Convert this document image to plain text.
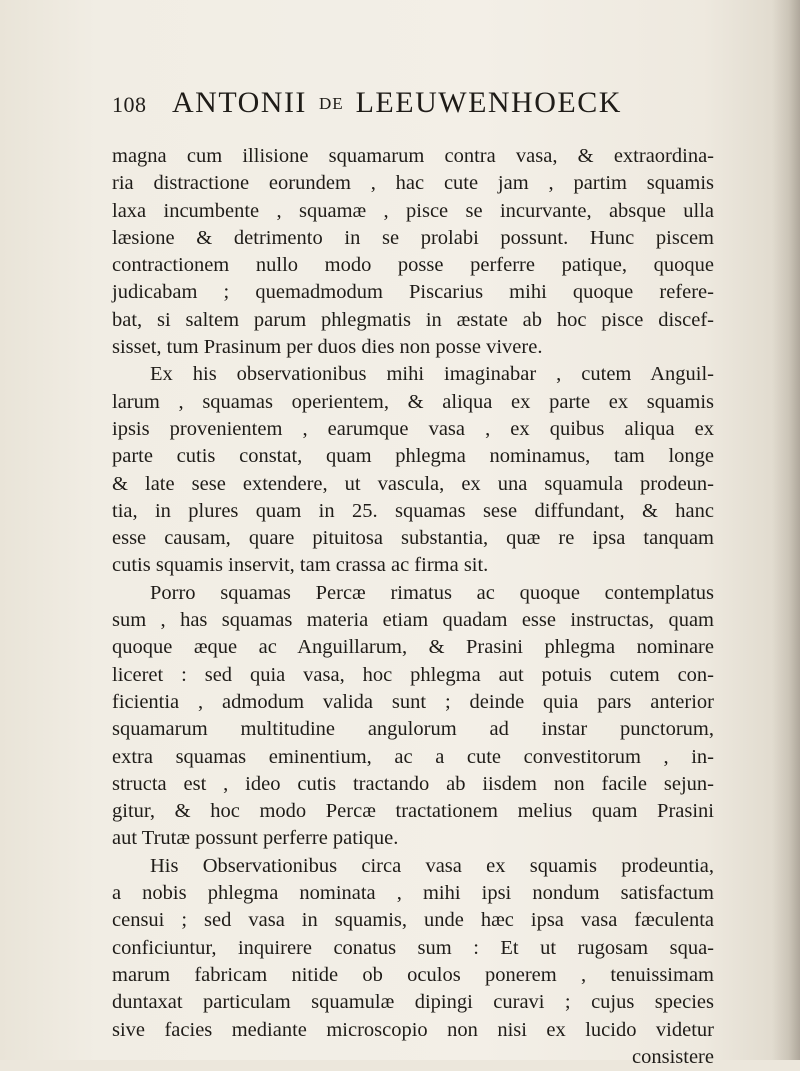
108 ANTONII DE LEEUWENHOECK
magna cum illisione squamarum contra vasa, & extraordina-
ria distractione eorundem , hac cute jam , partim squamis
laxa incumbente , squamæ , pisce se incurvante, absque ulla
læsione & detrimento in se prolabi possunt. Hunc piscem
contractionem nullo modo posse perferre patique, quoque
judicabam ; quemadmodum Piscarius mihi quoque refere-
bat, si saltem parum phlegmatis in æstate ab hoc pisce discef-
sisset, tum Prasinum per duos dies non posse vivere.
Ex his observationibus mihi imaginabar , cutem Anguil-
larum , squamas operientem, & aliqua ex parte ex squamis
ipsis provenientem , earumque vasa , ex quibus aliqua ex
parte cutis constat, quam phlegma nominamus, tam longe
& late sese extendere, ut vascula, ex una squamula prodeun-
tia, in plures quam in 25. squamas sese diffundant, & hanc
esse causam, quare pituitosa substantia, quæ re ipsa tanquam
cutis squamis inservit, tam crassa ac firma sit.
Porro squamas Percæ rimatus ac quoque contemplatus
sum , has squamas materia etiam quadam esse instructas, quam
quoque æque ac Anguillarum, & Prasini phlegma nominare
liceret : sed quia vasa, hoc phlegma aut potuis cutem con-
ficientia , admodum valida sunt ; deinde quia pars anterior
squamarum multitudine angulorum ad instar punctorum,
extra squamas eminentium, ac a cute convestitorum , in-
structa est , ideo cutis tractando ab iisdem non facile sejun-
gitur, & hoc modo Percæ tractationem melius quam Prasini
aut Trutæ possunt perferre patique.
His Observationibus circa vasa ex squamis prodeuntia,
a nobis phlegma nominata , mihi ipsi nondum satisfactum
censui ; sed vasa in squamis, unde hæc ipsa vasa fæculenta
conficiuntur, inquirere conatus sum : Et ut rugosam squa-
marum fabricam nitide ob oculos ponerem , tenuissimam
duntaxat particulam squamulæ dipingi curavi ; cujus species
sive facies mediante microscopio non nisi ex lucido videtur
consistere
